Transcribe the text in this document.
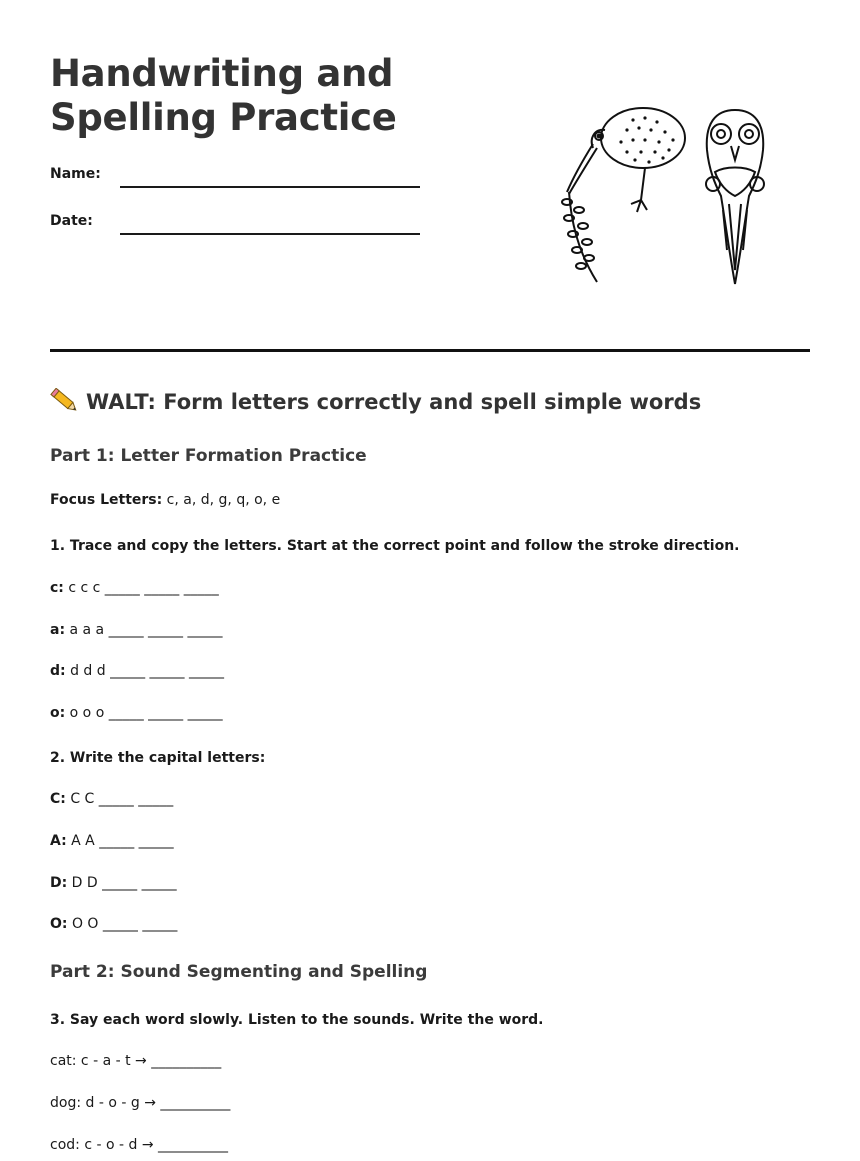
Handwriting and
Spelling Practice
Name:
Date:
WALT: Form letters correctly and spell simple words
Part 1: Letter Formation Practice
Focus Letters: c, a, d, g, q, o, e
1. Trace and copy the letters. Start at the correct point and follow the stroke direction.
c: c c c _____ _____ _____
a: a a a _____ _____ _____
d: d d d _____ _____ _____
o: o o o _____ _____ _____
2. Write the capital letters:
C: C C _____ _____
A: A A _____ _____
D: D D _____ _____
O: O O _____ _____
Part 2: Sound Segmenting and Spelling
3. Say each word slowly. Listen to the sounds. Write the word.
cat: c - a - t → __________
dog: d - o - g → __________
cod: c - o - d → __________
